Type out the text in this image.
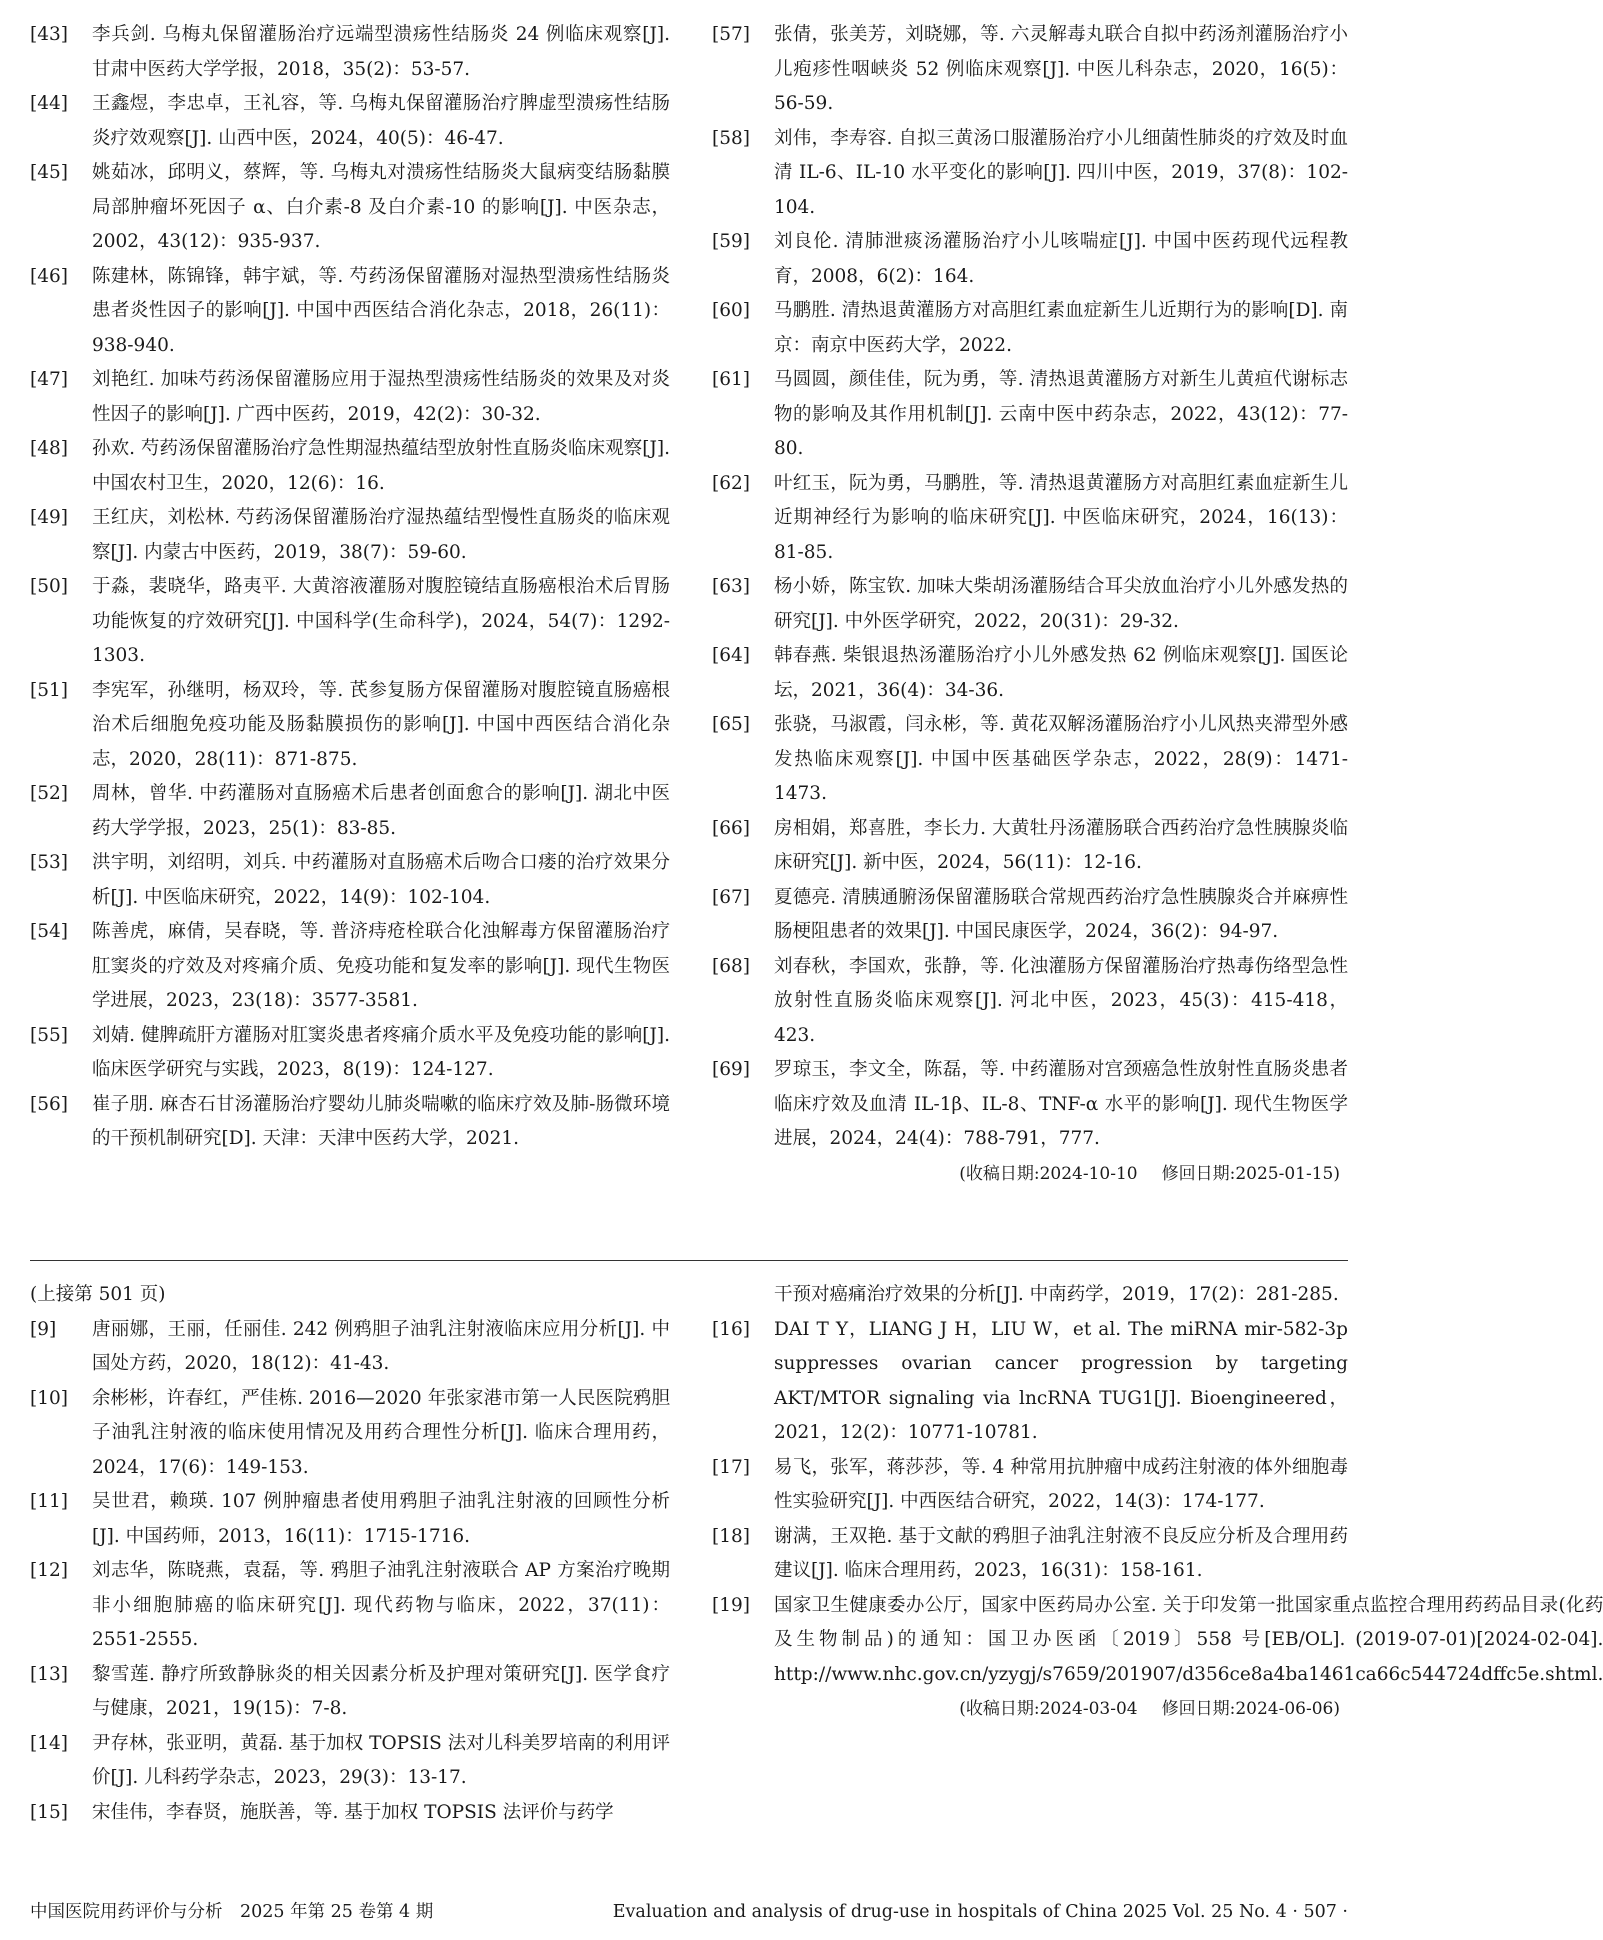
[43]	李兵剑. 乌梅丸保留灌肠治疗远端型溃疡性结肠炎 24 例临床观察[J]. 甘肃中医药大学学报，2018，35(2)：53-57.
[44]	王鑫煜，李忠卓，王礼容，等. 乌梅丸保留灌肠治疗脾虚型溃疡性结肠炎疗效观察[J]. 山西中医，2024，40(5)：46-47.
[45]	姚茹冰，邱明义，蔡辉，等. 乌梅丸对溃疡性结肠炎大鼠病变结肠黏膜局部肿瘤坏死因子 α、白介素-8 及白介素-10 的影响[J]. 中医杂志，2002，43(12)：935-937.
[46]	陈建林，陈锦锋，韩宇斌，等. 芍药汤保留灌肠对湿热型溃疡性结肠炎患者炎性因子的影响[J]. 中国中西医结合消化杂志，2018，26(11)：938-940.
[47]	刘艳红. 加味芍药汤保留灌肠应用于湿热型溃疡性结肠炎的效果及对炎性因子的影响[J]. 广西中医药，2019，42(2)：30-32.
[48]	孙欢. 芍药汤保留灌肠治疗急性期湿热蕴结型放射性直肠炎临床观察[J]. 中国农村卫生，2020，12(6)：16.
[49]	王红庆，刘松林. 芍药汤保留灌肠治疗湿热蕴结型慢性直肠炎的临床观察[J]. 内蒙古中医药，2019，38(7)：59-60.
[50]	于淼，裴晓华，路夷平. 大黄溶液灌肠对腹腔镜结直肠癌根治术后胃肠功能恢复的疗效研究[J]. 中国科学(生命科学)，2024，54(7)：1292-1303.
[51]	李宪军，孙继明，杨双玲，等. 芪参复肠方保留灌肠对腹腔镜直肠癌根治术后细胞免疫功能及肠黏膜损伤的影响[J]. 中国中西医结合消化杂志，2020，28(11)：871-875.
[52]	周林，曾华. 中药灌肠对直肠癌术后患者创面愈合的影响[J]. 湖北中医药大学学报，2023，25(1)：83-85.
[53]	洪宇明，刘绍明，刘兵. 中药灌肠对直肠癌术后吻合口瘘的治疗效果分析[J]. 中医临床研究，2022，14(9)：102-104.
[54]	陈善虎，麻倩，吴春晓，等. 普济痔疮栓联合化浊解毒方保留灌肠治疗肛窦炎的疗效及对疼痛介质、免疫功能和复发率的影响[J]. 现代生物医学进展，2023，23(18)：3577-3581.
[55]	刘婧. 健脾疏肝方灌肠对肛窦炎患者疼痛介质水平及免疫功能的影响[J]. 临床医学研究与实践，2023，8(19)：124-127.
[56]	崔子朋. 麻杏石甘汤灌肠治疗婴幼儿肺炎喘嗽的临床疗效及肺-肠微环境的干预机制研究[D]. 天津：天津中医药大学，2021.
[57]	张倩，张美芳，刘晓娜，等. 六灵解毒丸联合自拟中药汤剂灌肠治疗小儿疱疹性咽峡炎 52 例临床观察[J]. 中医儿科杂志，2020，16(5)：56-59.
[58]	刘伟，李寿容. 自拟三黄汤口服灌肠治疗小儿细菌性肺炎的疗效及时血清 IL-6、IL-10 水平变化的影响[J]. 四川中医，2019，37(8)：102-104.
[59]	刘良伦. 清肺泄痰汤灌肠治疗小儿咳喘症[J]. 中国中医药现代远程教育，2008，6(2)：164.
[60]	马鹏胜. 清热退黄灌肠方对高胆红素血症新生儿近期行为的影响[D]. 南京：南京中医药大学，2022.
[61]	马圆圆，颜佳佳，阮为勇，等. 清热退黄灌肠方对新生儿黄疸代谢标志物的影响及其作用机制[J]. 云南中医中药杂志，2022，43(12)：77-80.
[62]	叶红玉，阮为勇，马鹏胜，等. 清热退黄灌肠方对高胆红素血症新生儿近期神经行为影响的临床研究[J]. 中医临床研究，2024，16(13)：81-85.
[63]	杨小娇，陈宝钦. 加味大柴胡汤灌肠结合耳尖放血治疗小儿外感发热的研究[J]. 中外医学研究，2022，20(31)：29-32.
[64]	韩春燕. 柴银退热汤灌肠治疗小儿外感发热 62 例临床观察[J]. 国医论坛，2021，36(4)：34-36.
[65]	张骁，马淑霞，闫永彬，等. 黄花双解汤灌肠治疗小儿风热夹滞型外感发热临床观察[J]. 中国中医基础医学杂志，2022，28(9)：1471-1473.
[66]	房相娟，郑喜胜，李长力. 大黄牡丹汤灌肠联合西药治疗急性胰腺炎临床研究[J]. 新中医，2024，56(11)：12-16.
[67]	夏德亮. 清胰通腑汤保留灌肠联合常规西药治疗急性胰腺炎合并麻痹性肠梗阻患者的效果[J]. 中国民康医学，2024，36(2)：94-97.
[68]	刘春秋，李国欢，张静，等. 化浊灌肠方保留灌肠治疗热毒伤络型急性放射性直肠炎临床观察[J]. 河北中医，2023，45(3)：415-418，423.
[69]	罗琼玉，李文全，陈磊，等. 中药灌肠对宫颈癌急性放射性直肠炎患者临床疗效及血清 IL-1β、IL-8、TNF-α 水平的影响[J]. 现代生物医学进展，2024，24(4)：788-791，777.
(收稿日期:2024-10-10 修回日期:2025-01-15)
(上接第 501 页)
[9]	唐丽娜，王丽，任丽佳. 242 例鸦胆子油乳注射液临床应用分析[J]. 中国处方药，2020，18(12)：41-43.
[10]	余彬彬，许春红，严佳栋. 2016—2020 年张家港市第一人民医院鸦胆子油乳注射液的临床使用情况及用药合理性分析[J]. 临床合理用药，2024，17(6)：149-153.
[11]	吴世君，赖瑛. 107 例肿瘤患者使用鸦胆子油乳注射液的回顾性分析[J]. 中国药师，2013，16(11)：1715-1716.
[12]	刘志华，陈晓燕，袁磊，等. 鸦胆子油乳注射液联合 AP 方案治疗晚期非小细胞肺癌的临床研究[J]. 现代药物与临床，2022，37(11)：2551-2555.
[13]	黎雪莲. 静疗所致静脉炎的相关因素分析及护理对策研究[J]. 医学食疗与健康，2021，19(15)：7-8.
[14]	尹存林，张亚明，黄磊. 基于加权 TOPSIS 法对儿科美罗培南的利用评价[J]. 儿科药学杂志，2023，29(3)：13-17.
[15]	宋佳伟，李春贤，施朕善，等. 基于加权 TOPSIS 法评价与药学
干预对癌痛治疗效果的分析[J]. 中南药学，2019，17(2)：281-285.
[16]	DAI T Y，LIANG J H，LIU W，et al. The miRNA mir-582-3p suppresses ovarian cancer progression by targeting AKT/MTOR signaling via lncRNA TUG1[J]. Bioengineered，2021，12(2)：10771-10781.
[17]	易飞，张军，蒋莎莎，等. 4 种常用抗肿瘤中成药注射液的体外细胞毒性实验研究[J]. 中西医结合研究，2022，14(3)：174-177.
[18]	谢满，王双艳. 基于文献的鸦胆子油乳注射液不良反应分析及合理用药建议[J]. 临床合理用药，2023，16(31)：158-161.
[19]	国家卫生健康委办公厅，国家中医药局办公室. 关于印发第一批国家重点监控合理用药药品目录(化药及生物制品)的通知：国卫办医函〔2019〕558 号[EB/OL]. (2019-07-01)[2024-02-04]. http://www.nhc.gov.cn/yzygj/s7659/201907/d356ce8a4ba1461ca66c544724dffc5e.shtml.
(收稿日期:2024-03-04 修回日期:2024-06-06)
中国医院用药评价与分析　2025 年第 25 卷第 4 期	Evaluation and analysis of drug-use in hospitals of China 2025 Vol. 25 No. 4 · 507 ·
